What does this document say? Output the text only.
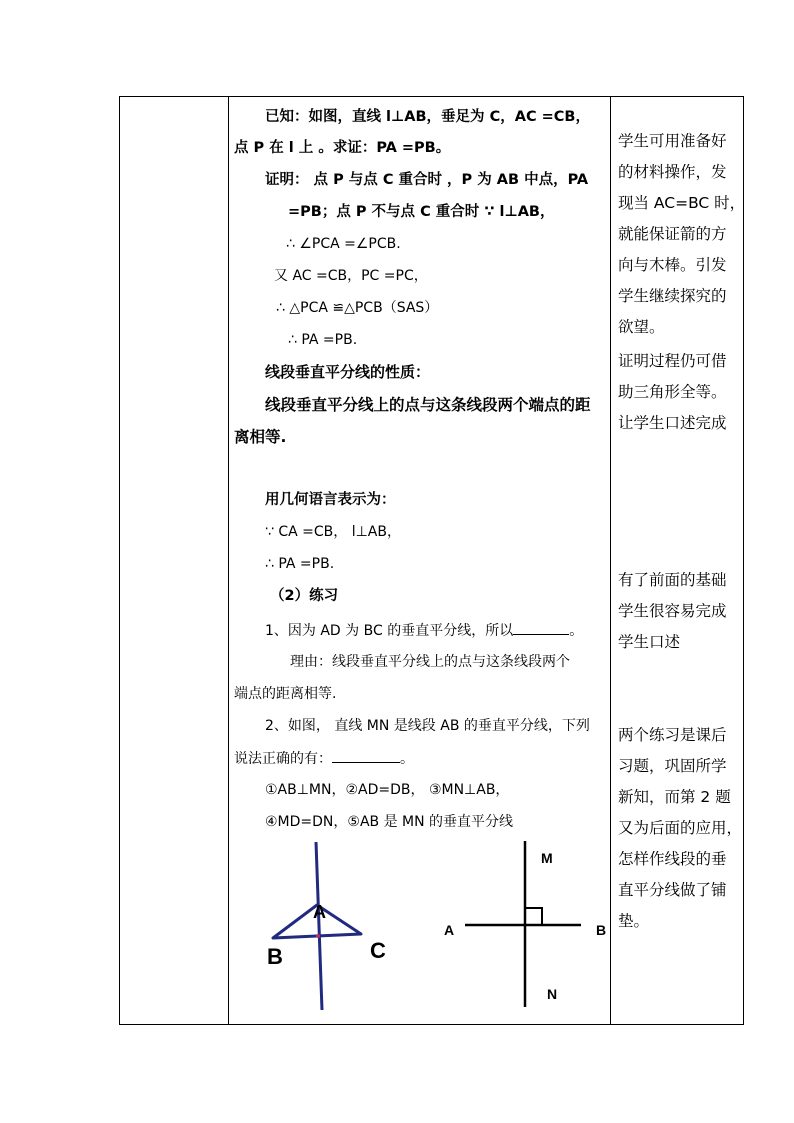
已知：如图，直线 l⊥AB，垂足为 C，AC =CB，
点 P 在 l 上 。求证：PA =PB。
证明： 点 P 与点 C 重合时 ，P 为 AB 中点，PA
=PB；点 P 不与点 C 重合时 ∵ l⊥AB，
∴ ∠PCA =∠PCB.
又 AC =CB，PC =PC，
∴ △PCA ≌△PCB（SAS）
∴ PA =PB.
线段垂直平分线的性质：
线段垂直平分线上的点与这条线段两个端点的距
离相等.
用几何语言表示为：
∵ CA =CB， l⊥AB，
∴ PA =PB.
（2）练习
1、因为 AD 为 BC 的垂直平分线，所以	。
理由：线段垂直平分线上的点与这条线段两个
端点的距离相等.
2、如图， 直线 MN 是线段 AB 的垂直平分线，下列
说法正确的有：	。
①AB⊥MN，②AD=DB， ③MN⊥AB，
④MD=DN，⑤AB 是 MN 的垂直平分线
A
B	C
M
A	B
N
学生可用准备好
的材料操作，发
现当 AC=BC 时，
就能保证箭的方
向与木棒。引发
学生继续探究的
欲望。
证明过程仍可借
助三角形全等。
让学生口述完成
有了前面的基础
学生很容易完成
学生口述
两个练习是课后
习题，巩固所学
新知，而第 2 题
又为后面的应用，
怎样作线段的垂
直平分线做了铺
垫。
